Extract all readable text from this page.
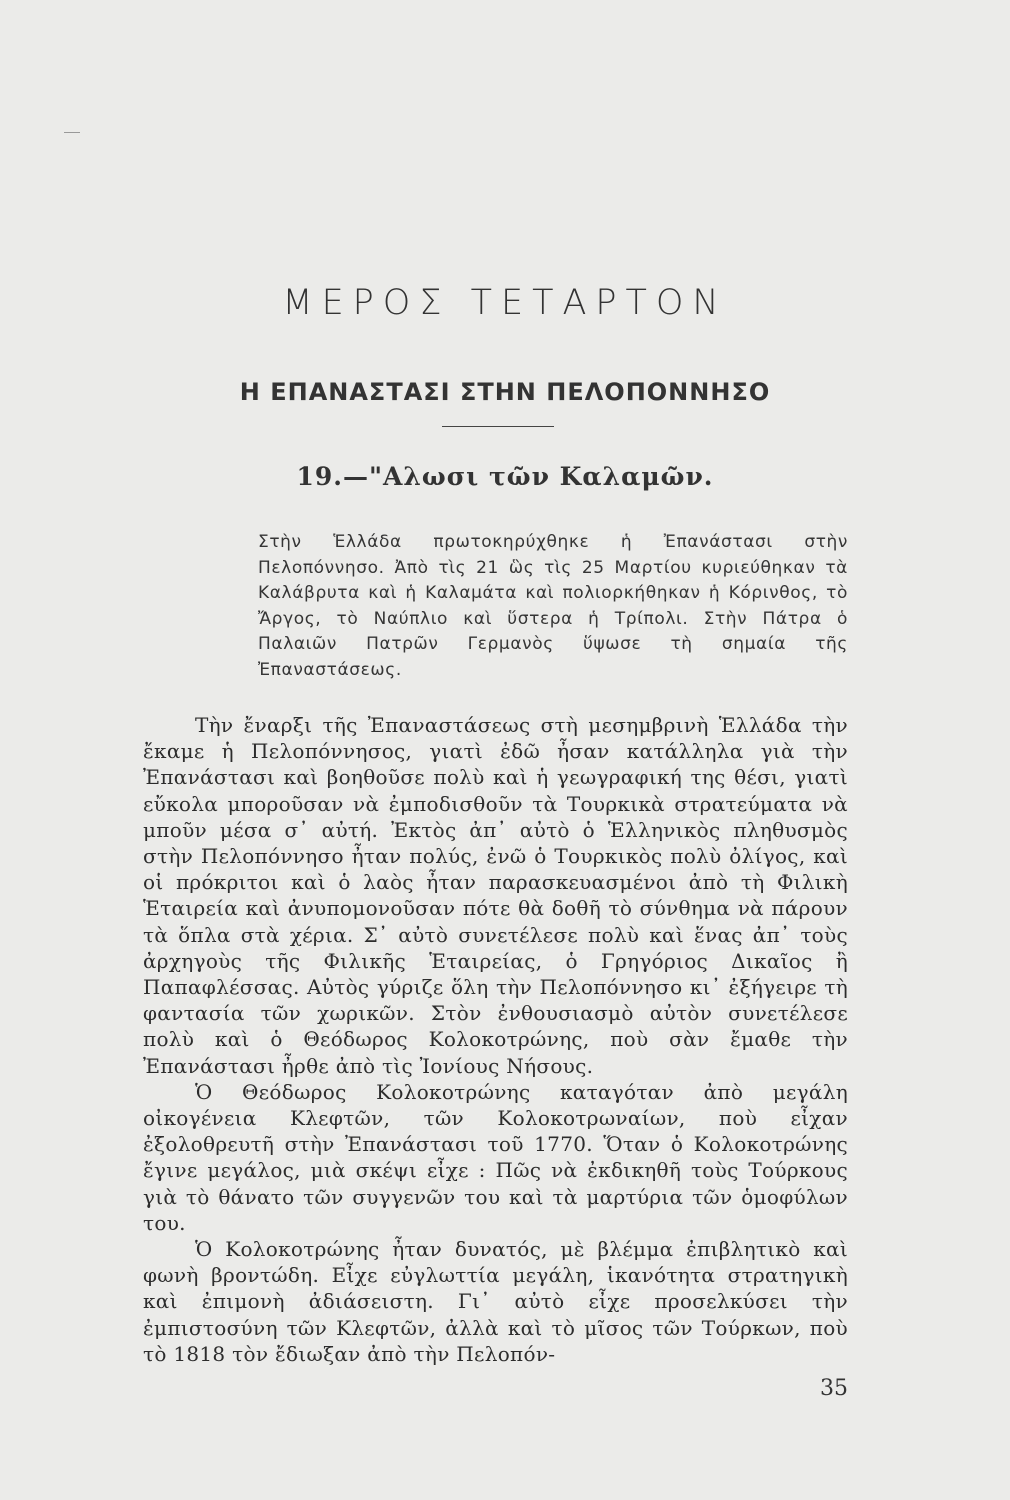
ΜΕΡΟΣ ΤΕΤΑΡΤΟΝ
Η ΕΠΑΝΑΣΤΑΣΙ ΣΤΗΝ ΠΕΛΟΠΟΝΝΗΣΟ
19.—"Αλωσι τῶν Καλαμῶν.

Στὴν Ἑλλάδα πρωτοκηρύχθηκε ἡ Ἐπανάστασι στὴν Πελοπόννησο. Ἀπὸ τὶς 21 ὣς τὶς 25 Μαρτίου κυριεύθηκαν τὰ Καλάβρυτα καὶ ἡ Καλαμάτα καὶ πολιορκήθηκαν ἡ Κόρινθος, τὸ Ἄργος, τὸ Ναύπλιο καὶ ὕστερα ἡ Τρίπολι. Στὴν Πάτρα ὁ Παλαιῶν Πατρῶν Γερμανὸς ὕψωσε τὴ σημαία τῆς Ἐπαναστάσεως.

Τὴν ἔναρξι τῆς Ἐπαναστάσεως στὴ μεσημβρινὴ Ἑλλάδα τὴν ἔκαμε ἡ Πελοπόννησος, γιατὶ ἐδῶ ἦσαν κατάλληλα γιὰ τὴν Ἐπανάστασι καὶ βοηθοῦσε πολὺ καὶ ἡ γεωγραφική της θέσι, γιατὶ εὔκολα μποροῦσαν νὰ ἐμποδισθοῦν τὰ Τουρκικὰ στρατεύματα νὰ μποῦν μέσα σ᾿ αὐτή. Ἐκτὸς ἀπ᾿ αὐτὸ ὁ Ἑλληνικὸς πληθυσμὸς στὴν Πελοπόννησο ἦταν πολύς, ἐνῶ ὁ Τουρκικὸς πολὺ ὀλίγος, καὶ οἱ πρόκριτοι καὶ ὁ λαὸς ἦταν παρασκευασμένοι ἀπὸ τὴ Φιλικὴ Ἑταιρεία καὶ ἀνυπομονοῦσαν πότε θὰ δοθῆ τὸ σύνθημα νὰ πάρουν τὰ ὅπλα στὰ χέρια. Σ᾿ αὐτὸ συνετέλεσε πολὺ καὶ ἕνας ἀπ᾿ τοὺς ἀρχηγοὺς τῆς Φιλικῆς Ἑταιρείας, ὁ Γρηγόριος Δικαῖος ἢ Παπαφλέσσας. Αὐτὸς γύριζε ὅλη τὴν Πελοπόννησο κι᾿ ἐξήγειρε τὴ φαντασία τῶν χωρικῶν. Στὸν ἐνθουσιασμὸ αὐτὸν συνετέλεσε πολὺ καὶ ὁ Θεόδωρος Κολοκοτρώνης, ποὺ σὰν ἔμαθε τὴν Ἐπανάστασι ἦρθε ἀπὸ τὶς Ἰονίους Νήσους.

Ὁ Θεόδωρος Κολοκοτρώνης καταγόταν ἀπὸ μεγάλη οἰκογένεια Κλεφτῶν, τῶν Κολοκοτρωναίων, ποὺ εἶχαν ἐξολοθρευτῆ στὴν Ἐπανάστασι τοῦ 1770. Ὅταν ὁ Κολοκοτρώνης ἔγινε μεγάλος, μιὰ σκέψι εἶχε : Πῶς νὰ ἐκδικηθῆ τοὺς Τούρκους γιὰ τὸ θάνατο τῶν συγγενῶν του καὶ τὰ μαρτύρια τῶν ὁμοφύλων του.

Ὁ Κολοκοτρώνης ἦταν δυνατός, μὲ βλέμμα ἐπιβλητικὸ καὶ φωνὴ βροντώδη. Εἶχε εὐγλωττία μεγάλη, ἱκανότητα στρατηγικὴ καὶ ἐπιμονὴ ἀδιάσειστη. Γι᾿ αὐτὸ εἶχε προσελκύσει τὴν ἐμπιστοσύνη τῶν Κλεφτῶν, ἀλλὰ καὶ τὸ μῖσος τῶν Τούρκων, ποὺ τὸ 1818 τὸν ἔδιωξαν ἀπὸ τὴν Πελοπόν-

35
